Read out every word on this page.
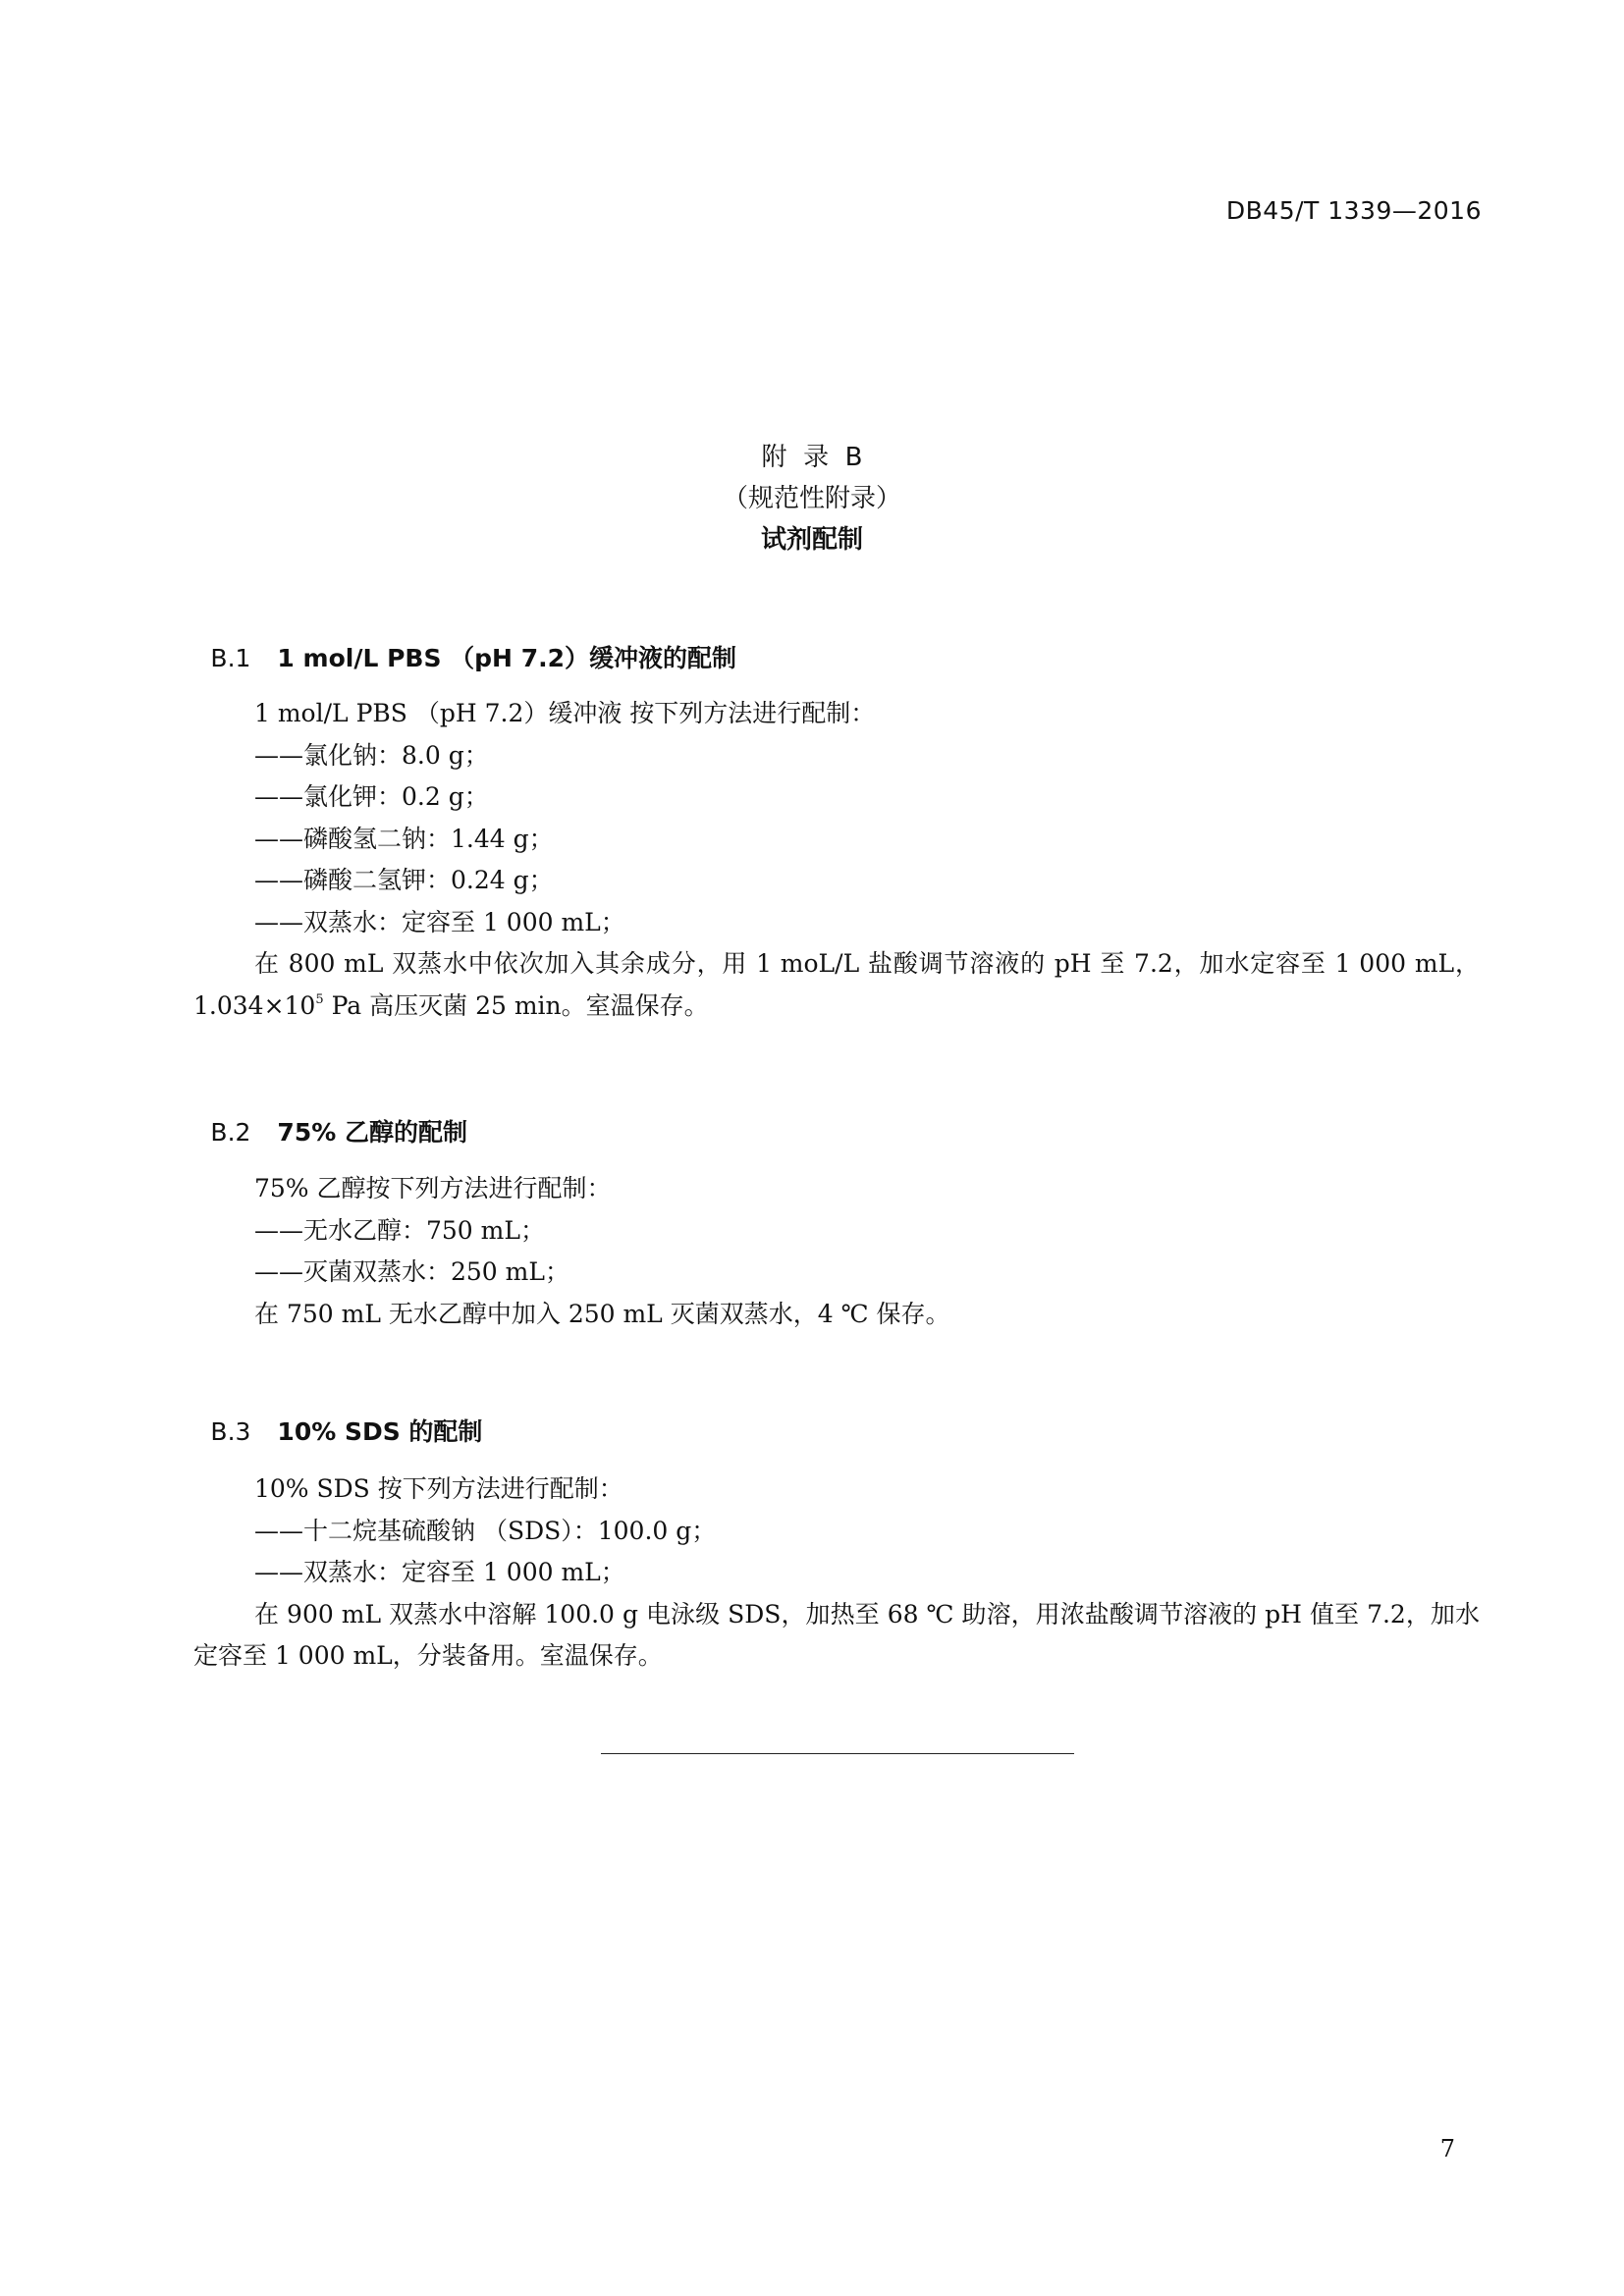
DB45/T 1339—2016
附  录  B
（规范性附录）
试剂配制

B.1 1 mol/L PBS （pH 7.2）缓冲液的配制

1 mol/L PBS （pH 7.2）缓冲液 按下列方法进行配制：
——氯化钠：8.0 g；
——氯化钾：0.2 g；
——磷酸氢二钠：1.44 g；
——磷酸二氢钾：0.24 g；
——双蒸水：定容至 1 000 mL；
在 800 mL 双蒸水中依次加入其余成分，用 1 moL/L 盐酸调节溶液的 pH 至 7.2，加水定容至 1 000 mL，$1.034\times 10^5$ Pa 高压灭菌 25 min。室温保存。

B.2 75% 乙醇的配制

75% 乙醇按下列方法进行配制：
——无水乙醇：750 mL；
——灭菌双蒸水：250 mL；
在 750 mL 无水乙醇中加入 250 mL 灭菌双蒸水，4 ℃ 保存。

B.3 10% SDS 的配制

10% SDS 按下列方法进行配制：
——十二烷基硫酸钠 （SDS）：100.0 g；
——双蒸水：定容至 1 000 mL；
在 900 mL 双蒸水中溶解 100.0 g 电泳级 SDS，加热至 68 ℃ 助溶，用浓盐酸调节溶液的 pH 值至 7.2，加水定容至 1 000 mL，分装备用。室温保存。
7
